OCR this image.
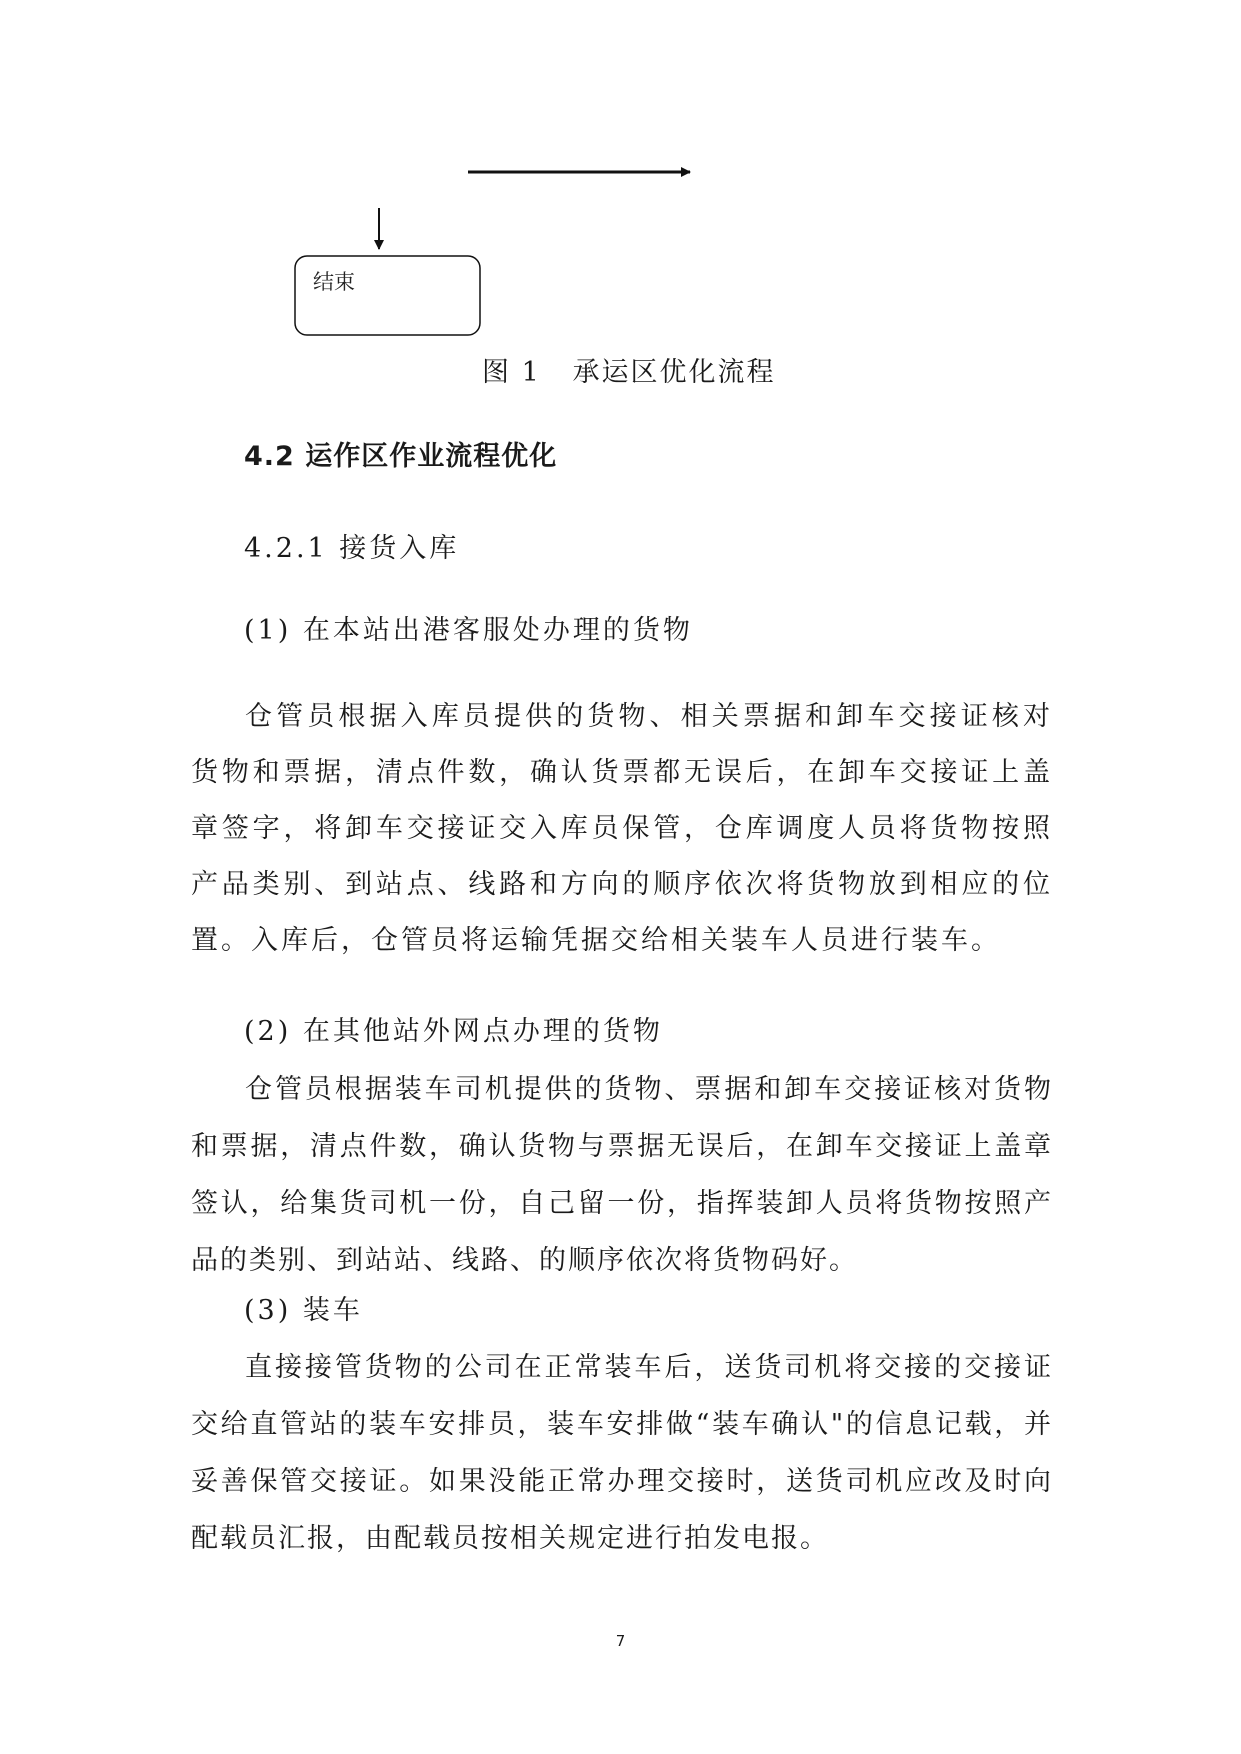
结束
图 1   承运区优化流程
4.2 运作区作业流程优化
4.2.1 接货入库
(1) 在本站出港客服处办理的货物
仓管员根据入库员提供的货物、相关票据和卸车交接证核对货物和票据，清点件数，确认货票都无误后，在卸车交接证上盖章签字，将卸车交接证交入库员保管，仓库调度人员将货物按照产品类别、到站点、线路和方向的顺序依次将货物放到相应的位置。入库后，仓管员将运输凭据交给相关装车人员进行装车。
(2) 在其他站外网点办理的货物
仓管员根据装车司机提供的货物、票据和卸车交接证核对货物和票据，清点件数，确认货物与票据无误后，在卸车交接证上盖章签认，给集货司机一份，自己留一份，指挥装卸人员将货物按照产品的类别、到站站、线路、的顺序依次将货物码好。
(3) 装车
直接接管货物的公司在正常装车后，送货司机将交接的交接证交给直管站的装车安排员，装车安排做“装车确认"的信息记载，并妥善保管交接证。如果没能正常办理交接时，送货司机应改及时向配载员汇报，由配载员按相关规定进行拍发电报。
7
